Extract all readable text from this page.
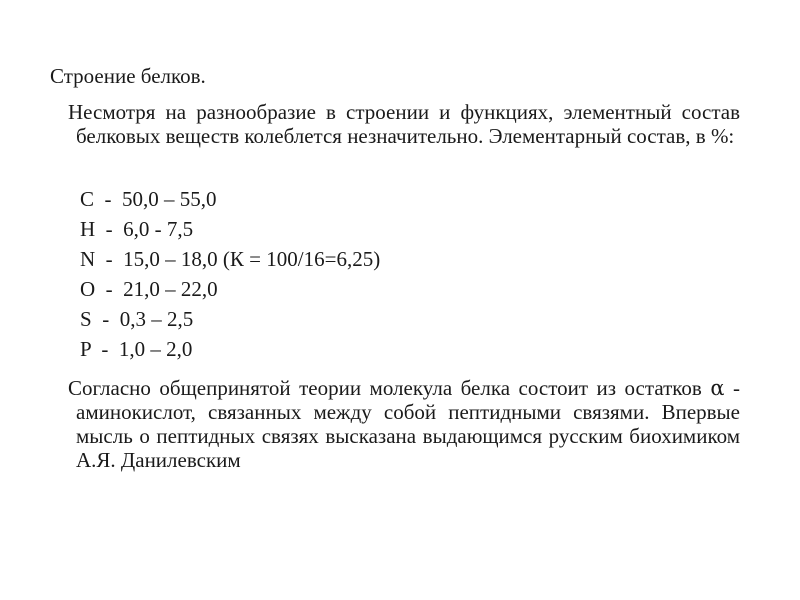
Строение белков.
Несмотря на разнообразие в строении и функциях, элементный состав белковых веществ колеблется незначительно. Элементарный состав, в %:
C  -  50,0 – 55,0
H  -  6,0 - 7,5
N  -  15,0 – 18,0 (К = 100/16=6,25)
O  -  21,0 – 22,0
S  -  0,3 – 2,5
P  -  1,0 – 2,0
Согласно общепринятой теории молекула белка состоит из остатков α - аминокислот, связанных между собой пептидными связями. Впервые мысль о пептидных связях высказана выдающимся русским биохимиком А.Я. Данилевским
